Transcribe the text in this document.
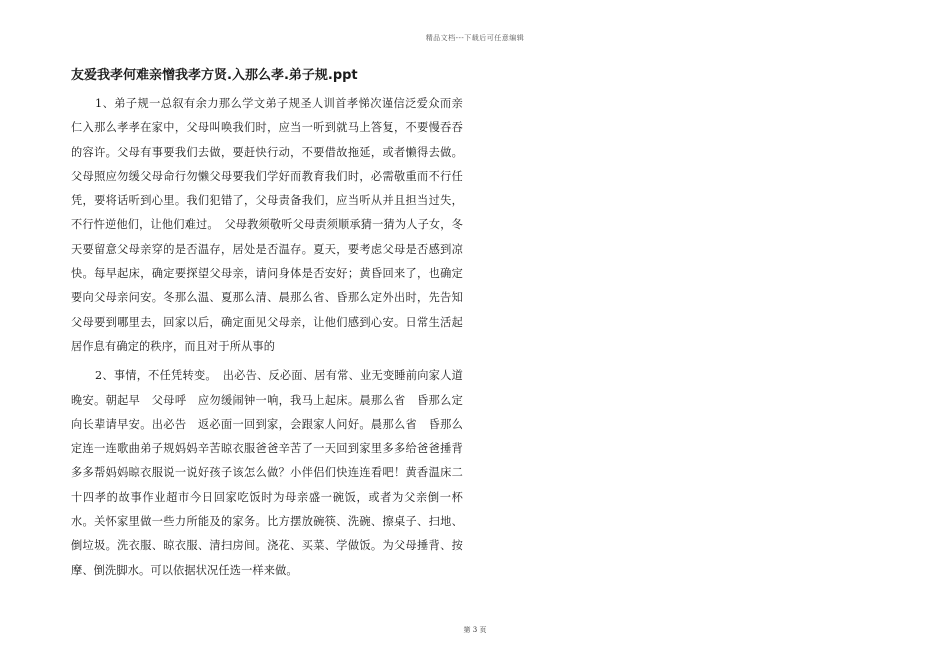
精品文档---下载后可任意编辑
友爱我孝何难亲憎我孝方贤.入那么孝.弟子规.ppt

1、弟子规一总叙有余力那么学文弟子规圣人训首孝悌次谨信泛爱众而亲仁入那么孝孝在家中，父母叫唤我们时，应当一听到就马上答复，不要慢吞吞的容许。父母有事要我们去做，要赶快行动，不要借故拖延，或者懒得去做。父母照应勿缓父母命行勿懒父母要我们学好而教育我们时，必需敬重而不行任凭，要将话听到心里。我们犯错了，父母责备我们，应当听从并且担当过失，不行忤逆他们，让他们难过。　父母教须敬听父母责须顺承猜一猜为人子女，冬天要留意父母亲穿的是否温存，居处是否温存。夏天，要考虑父母是否感到凉快。每早起床，确定要探望父母亲，请问身体是否安好；黄昏回来了，也确定要向父母亲问安。冬那么温、夏那么清、晨那么省、昏那么定外出时，先告知父母要到哪里去，回家以后，确定面见父母亲，让他们感到心安。日常生活起居作息有确定的秩序，而且对于所从事的

2、事情，不任凭转变。　出必告、反必面、居有常、业无变睡前向家人道晚安。朝起早　父母呼　应勿缓闹钟一响，我马上起床。晨那么省　昏那么定向长辈请早安。出必告　返必面一回到家，会跟家人问好。晨那么省　昏那么定连一连歌曲弟子规妈妈辛苦晾衣服爸爸辛苦了一天回到家里多多给爸爸捶背多多帮妈妈晾衣服说一说好孩子该怎么做？小伴侣们快连连看吧！黄香温床二十四孝的故事作业超市今日回家吃饭时为母亲盛一碗饭，或者为父亲倒一杯水。关怀家里做一些力所能及的家务。比方摆放碗筷、洗碗、擦桌子、扫地、倒垃圾。洗衣服、晾衣服、清扫房间。浇花、买菜、学做饭。为父母捶背、按摩、倒洗脚水。可以依据状况任选一样来做。

第 3 页
